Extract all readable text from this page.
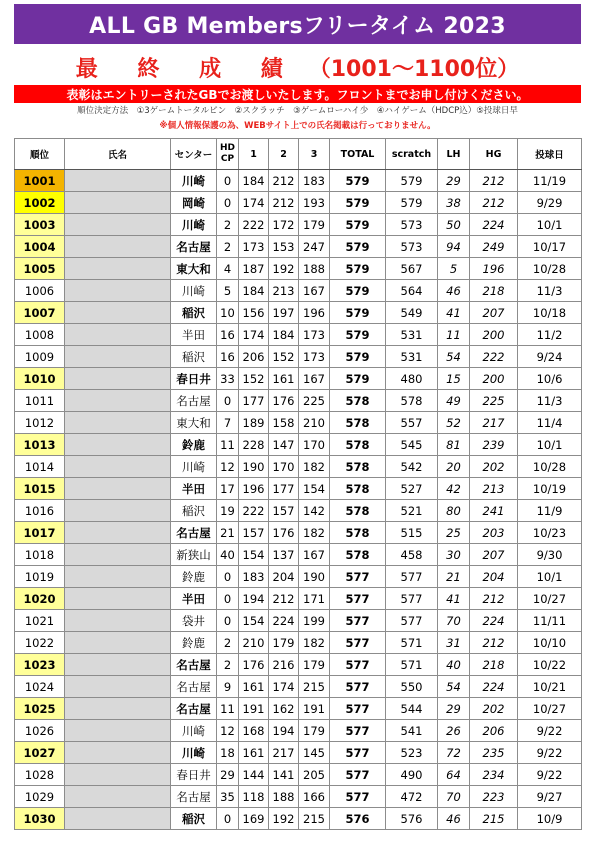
ALL GB Membersフリータイム 2023
最 終 成 績 （1001〜1100位）
表彰はエントリーされたGBでお渡しいたします。フロントまでお申し付けください。
順位決定方法　①3ゲームトータルピン　②スクラッチ　③ゲームローハイ少　④ハイゲーム（HDCP込）⑤投球日早
※個人情報保護の為、WEBサイト上での氏名掲載は行っておりません。
順位	氏名	センター	HD
CP	1	2	3	TOTAL	scratch	LH	HG	投球日
1001		川崎	0	184	212	183	579	579	29	212	11/19
1002		岡崎	0	174	212	193	579	579	38	212	9/29
1003		川崎	2	222	172	179	579	573	50	224	10/1
1004		名古屋	2	173	153	247	579	573	94	249	10/17
1005		東大和	4	187	192	188	579	567	5	196	10/28
1006		川崎	5	184	213	167	579	564	46	218	11/3
1007		稲沢	10	156	197	196	579	549	41	207	10/18
1008		半田	16	174	184	173	579	531	11	200	11/2
1009		稲沢	16	206	152	173	579	531	54	222	9/24
1010		春日井	33	152	161	167	579	480	15	200	10/6
1011		名古屋	0	177	176	225	578	578	49	225	11/3
1012		東大和	7	189	158	210	578	557	52	217	11/4
1013		鈴鹿	11	228	147	170	578	545	81	239	10/1
1014		川崎	12	190	170	182	578	542	20	202	10/28
1015		半田	17	196	177	154	578	527	42	213	10/19
1016		稲沢	19	222	157	142	578	521	80	241	11/9
1017		名古屋	21	157	176	182	578	515	25	203	10/23
1018		新狭山	40	154	137	167	578	458	30	207	9/30
1019		鈴鹿	0	183	204	190	577	577	21	204	10/1
1020		半田	0	194	212	171	577	577	41	212	10/27
1021		袋井	0	154	224	199	577	577	70	224	11/11
1022		鈴鹿	2	210	179	182	577	571	31	212	10/10
1023		名古屋	2	176	216	179	577	571	40	218	10/22
1024		名古屋	9	161	174	215	577	550	54	224	10/21
1025		名古屋	11	191	162	191	577	544	29	202	10/27
1026		川崎	12	168	194	179	577	541	26	206	9/22
1027		川崎	18	161	217	145	577	523	72	235	9/22
1028		春日井	29	144	141	205	577	490	64	234	9/22
1029		名古屋	35	118	188	166	577	472	70	223	9/27
1030		稲沢	0	169	192	215	576	576	46	215	10/9
